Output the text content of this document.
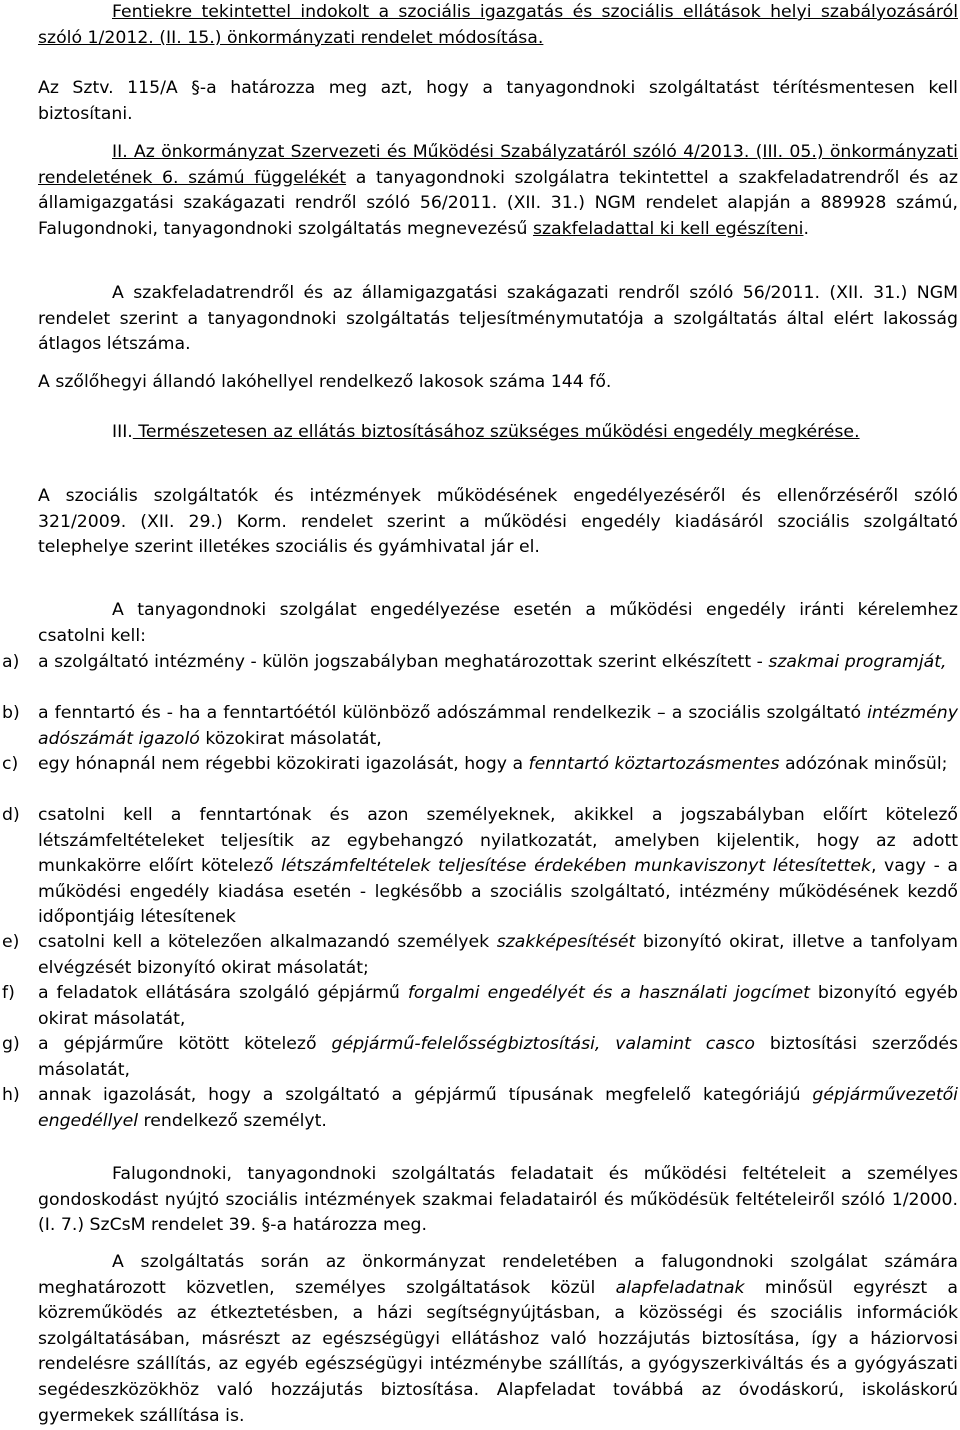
Fentiekre tekintettel indokolt a szociális igazgatás és szociális ellátások helyi szabályozásáról szóló 1/2012. (II. 15.) önkormányzati rendelet módosítása.

Az Sztv. 115/A §-a határozza meg azt, hogy a tanyagondnoki szolgáltatást térítésmentesen kell biztosítani.

II. Az önkormányzat Szervezeti és Működési Szabályzatáról szóló 4/2013. (III. 05.) önkormányzati rendeletének 6. számú függelékét a tanyagondnoki szolgálatra tekintettel a szakfeladatrendről és az államigazgatási szakágazati rendről szóló 56/2011. (XII. 31.) NGM rendelet alapján a 889928 számú, Falugondnoki, tanyagondnoki szolgáltatás megnevezésű szakfeladattal ki kell egészíteni.

A szakfeladatrendről és az államigazgatási szakágazati rendről szóló 56/2011. (XII. 31.) NGM rendelet szerint a tanyagondnoki szolgáltatás teljesítménymutatója a szolgáltatás által elért lakosság átlagos létszáma.

A szőlőhegyi állandó lakóhellyel rendelkező lakosok száma 144 fő.

III. Természetesen az ellátás biztosításához szükséges működési engedély megkérése.

A szociális szolgáltatók és intézmények működésének engedélyezéséről és ellenőrzéséről szóló 321/2009. (XII. 29.) Korm. rendelet szerint a működési engedély kiadásáról szociális szolgáltató telephelye szerint illetékes szociális és gyámhivatal jár el.

A tanyagondnoki szolgálat engedélyezése esetén a működési engedély iránti kérelemhez csatolni kell:

a) a szolgáltató intézmény - külön jogszabályban meghatározottak szerint elkészített - szakmai programját,

b) a fenntartó és - ha a fenntartóétól különböző adószámmal rendelkezik – a szociális szolgáltató intézmény adószámát igazoló közokirat másolatát,

c) egy hónapnál nem régebbi közokirati igazolását, hogy a fenntartó köztartozásmentes adózónak minősül;

d) csatolni kell a fenntartónak és azon személyeknek, akikkel a jogszabályban előírt kötelező létszámfeltételeket teljesítik az egybehangzó nyilatkozatát, amelyben kijelentik, hogy az adott munkakörre előírt kötelező létszámfeltételek teljesítése érdekében munkaviszonyt létesítettek, vagy - a működési engedély kiadása esetén - legkésőbb a szociális szolgáltató, intézmény működésének kezdő időpontjáig létesítenek

e) csatolni kell a kötelezően alkalmazandó személyek szakképesítését bizonyító okirat, illetve a tanfolyam elvégzését bizonyító okirat másolatát;

f) a feladatok ellátására szolgáló gépjármű forgalmi engedélyét és a használati jogcímet bizonyító egyéb okirat másolatát,

g) a gépjárműre kötött kötelező gépjármű-felelősségbiztosítási, valamint casco biztosítási szerződés másolatát,

h) annak igazolását, hogy a szolgáltató a gépjármű típusának megfelelő kategóriájú gépjárművezetői engedéllyel rendelkező személyt.

Falugondnoki, tanyagondnoki szolgáltatás feladatait és működési feltételeit a személyes gondoskodást nyújtó szociális intézmények szakmai feladatairól és működésük feltételeiről szóló 1/2000. (I. 7.) SzCsM rendelet 39. §-a határozza meg.

A szolgáltatás során az önkormányzat rendeletében a falugondnoki szolgálat számára meghatározott közvetlen, személyes szolgáltatások közül alapfeladatnak minősül egyrészt a közreműködés az étkeztetésben, a házi segítségnyújtásban, a közösségi és szociális információk szolgáltatásában, másrészt az egészségügyi ellátáshoz való hozzájutás biztosítása, így a háziorvosi rendelésre szállítás, az egyéb egészségügyi intézménybe szállítás, a gyógyszerkiváltás és a gyógyászati segédeszközökhöz való hozzájutás biztosítása. Alapfeladat továbbá az óvodáskorú, iskoláskorú gyermekek szállítása is.
